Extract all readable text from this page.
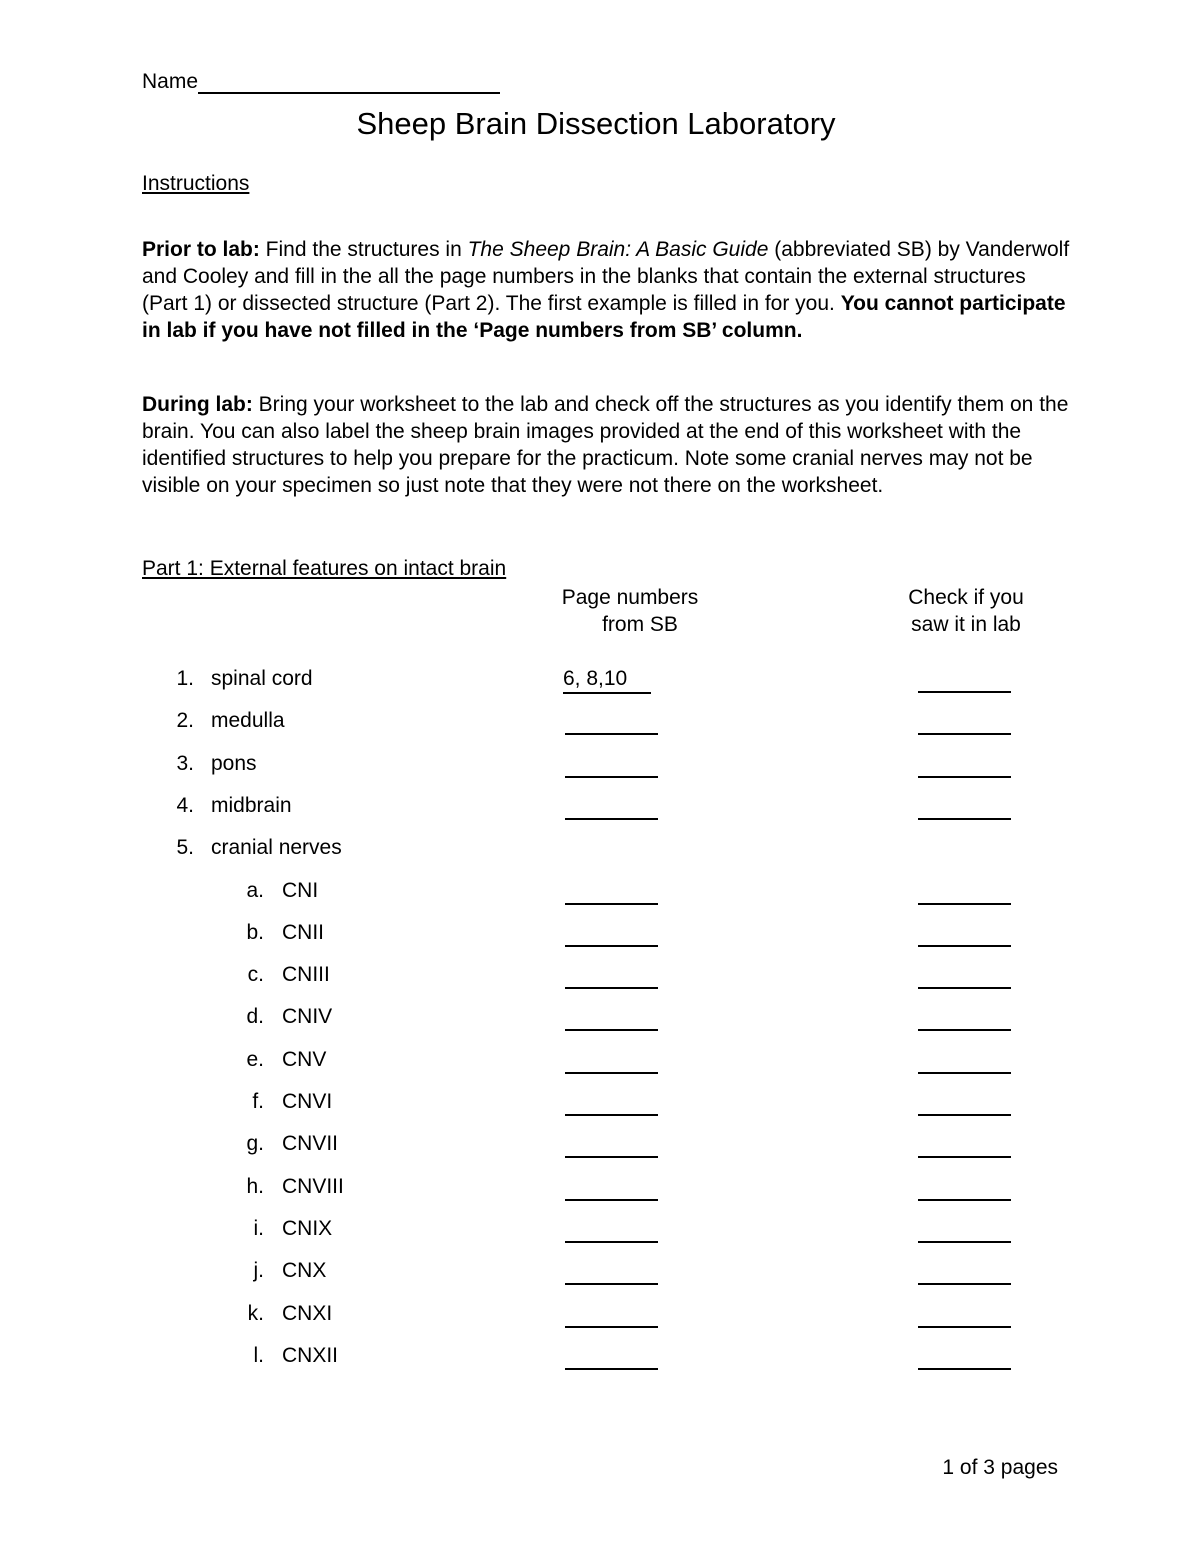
Name
Sheep Brain Dissection Laboratory
Instructions
Prior to lab: Find the structures in The Sheep Brain: A Basic Guide (abbreviated SB) by Vanderwolf and Cooley and fill in the all the page numbers in the blanks that contain the external structures (Part 1) or dissected structure (Part 2). The first example is filled in for you. You cannot participate in lab if you have not filled in the ‘Page numbers from SB’ column.
During lab: Bring your worksheet to the lab and check off the structures as you identify them on the brain. You can also label the sheep brain images provided at the end of this worksheet with the identified structures to help you prepare for the practicum. Note some cranial nerves may not be visible on your specimen so just note that they were not there on the worksheet.
Part 1: External features on intact brain
Page numbers
from SB
Check if you
saw it in lab
1. spinal cord	6, 8,10
2. medulla
3. pons
4. midbrain
5. cranial nerves
a. CNI
b. CNII
c. CNIII
d. CNIV
e. CNV
f. CNVI
g. CNVII
h. CNVIII
i. CNIX
j. CNX
k. CNXI
l. CNXII
1 of 3 pages
